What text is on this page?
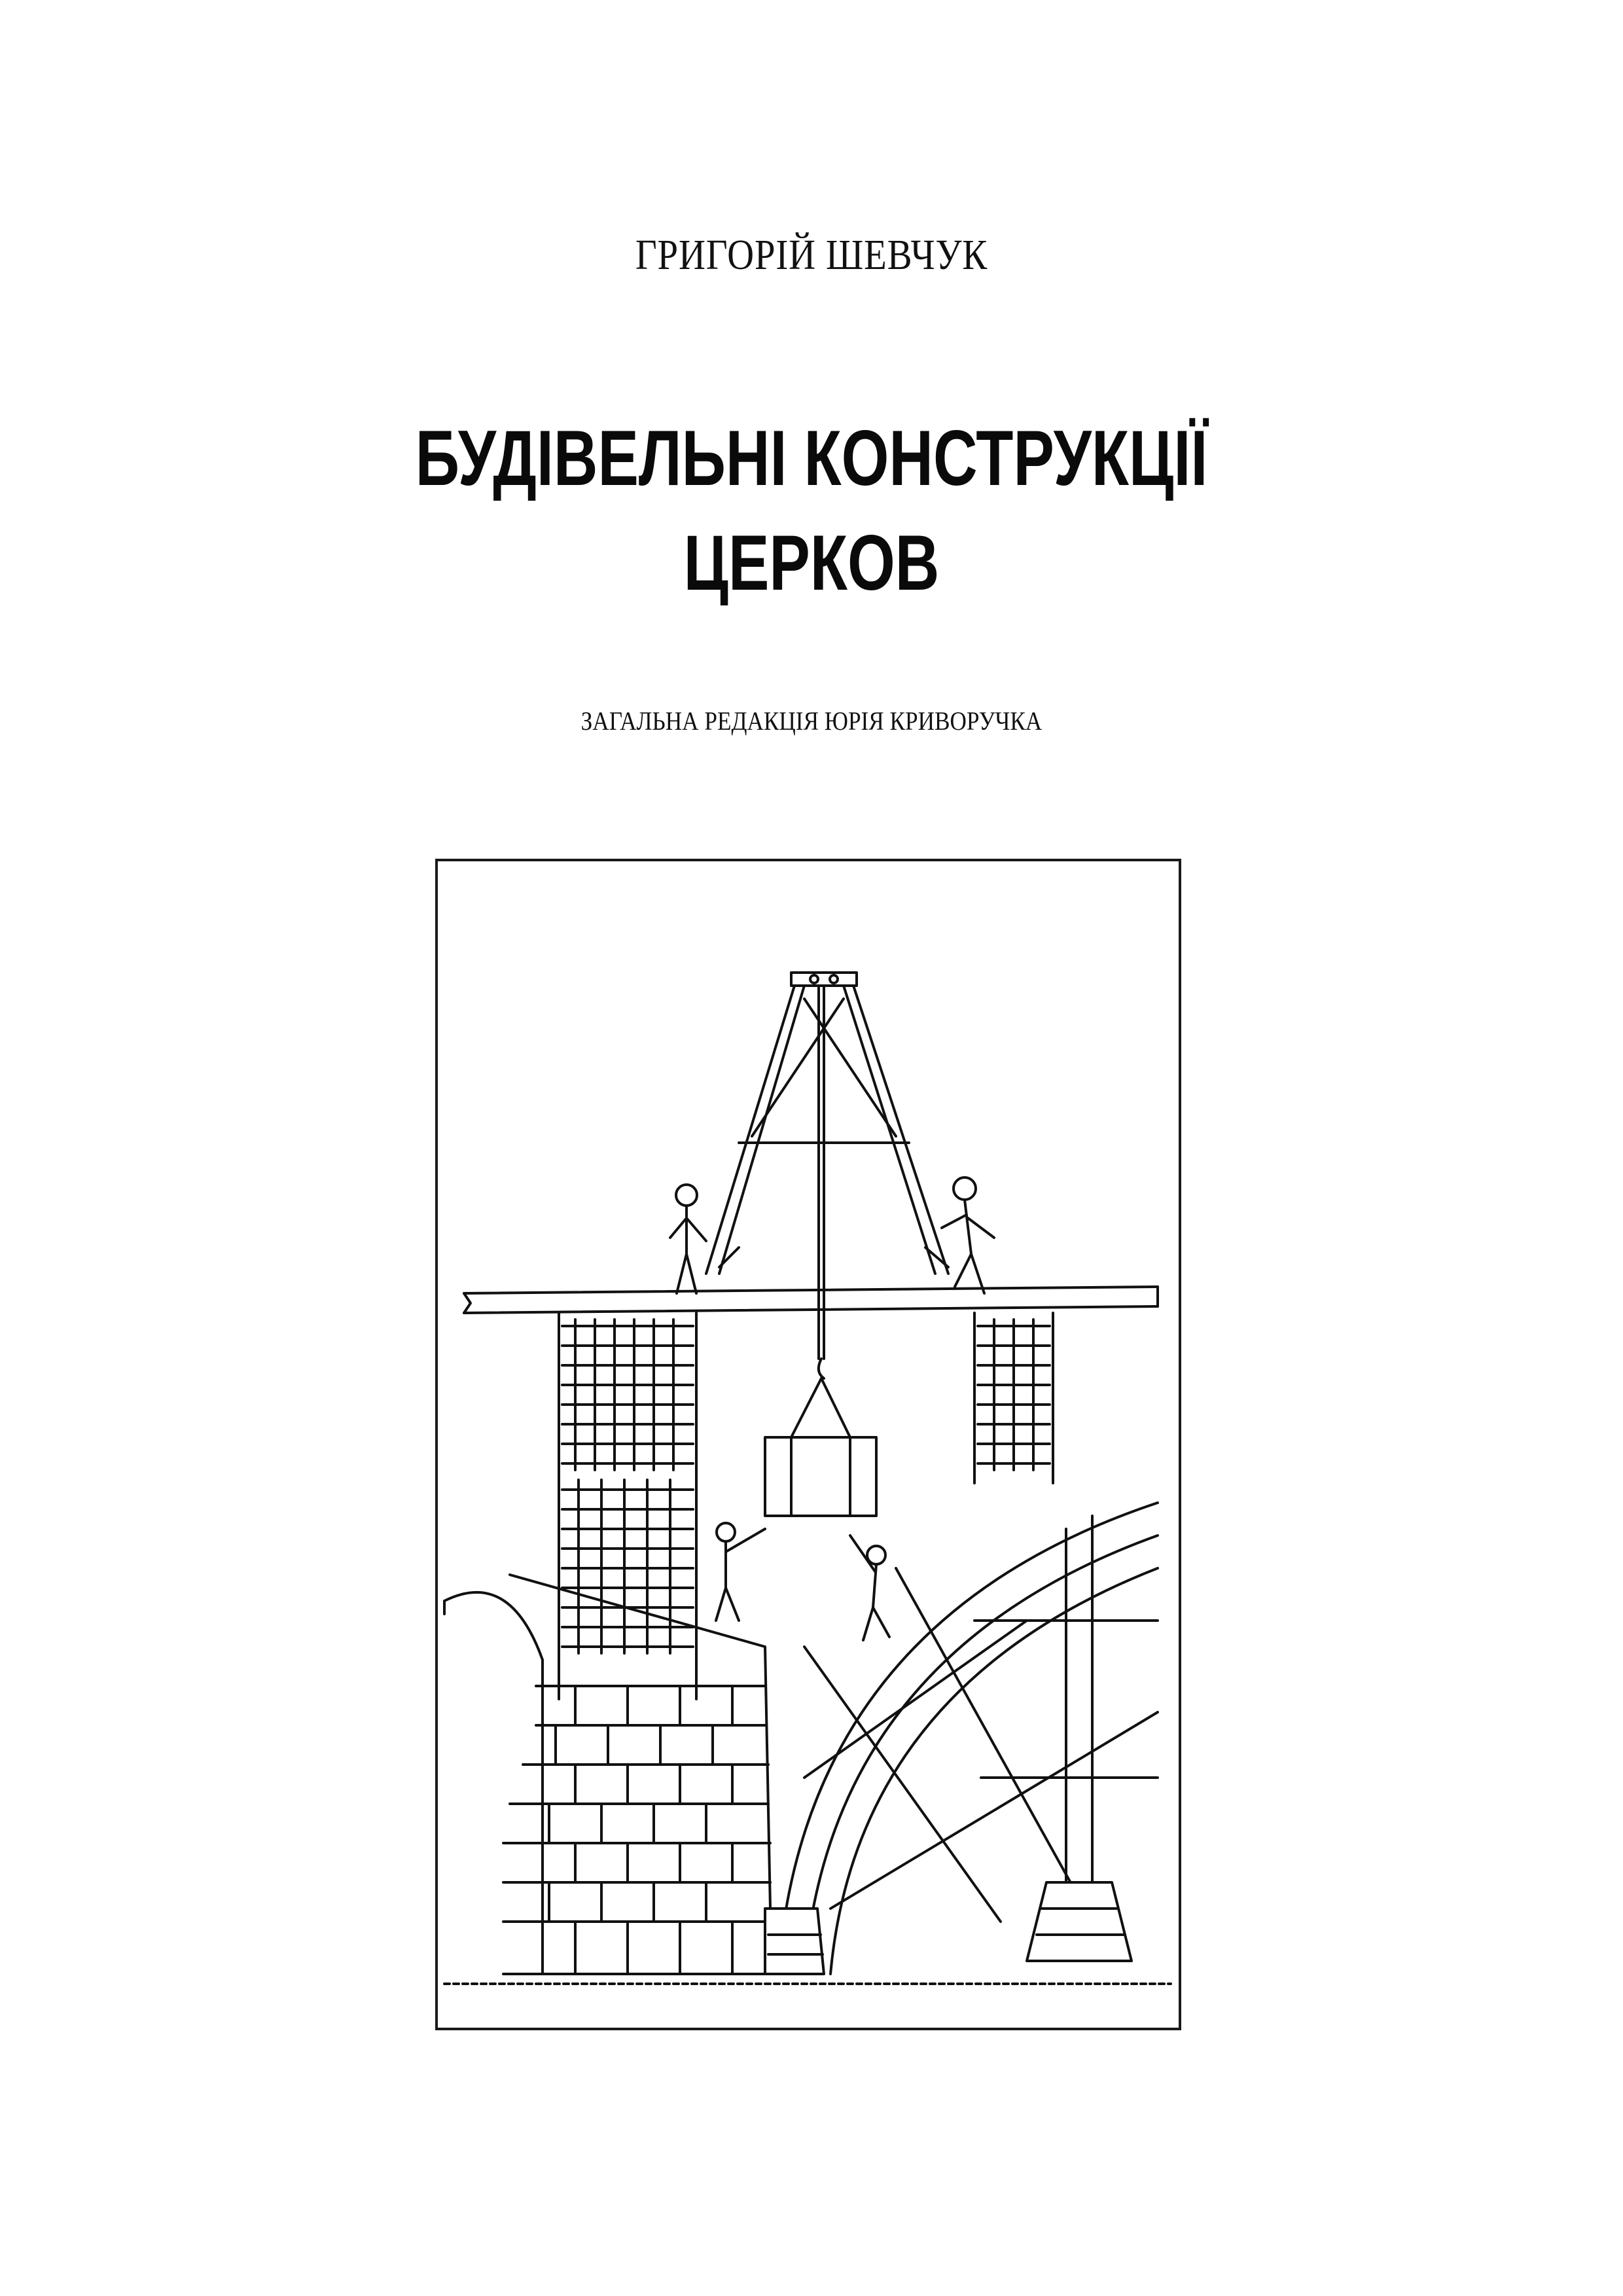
ГРИГОРІЙ ШЕВЧУК
БУДІВЕЛЬНІ КОНСТРУКЦІЇ
ЦЕРКОВ
ЗАГАЛЬНА РЕДАКЦІЯ ЮРІЯ КРИВОРУЧКА
